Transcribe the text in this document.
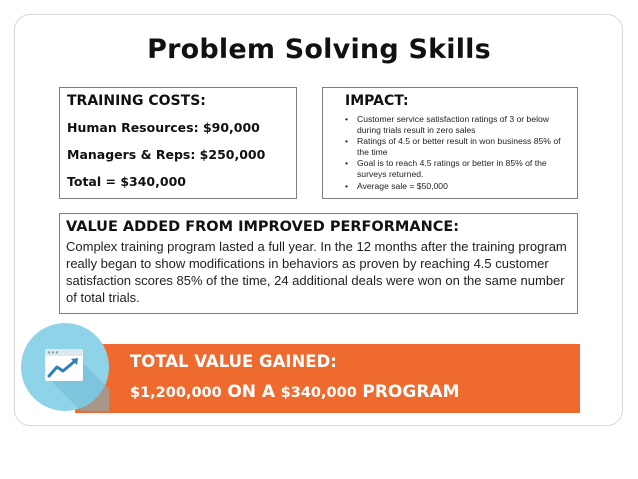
Problem Solving Skills
TRAINING COSTS:
Human Resources: $90,000
Managers & Reps: $250,000
Total = $340,000
IMPACT:
• Customer service satisfaction ratings of 3 or below during trials result in zero sales
• Ratings of 4.5 or better result in won business 85% of the time
• Goal is to reach 4.5 ratings or better in 85% of the surveys returned.
• Average sale = $50,000
VALUE ADDED FROM IMPROVED PERFORMANCE:

Complex training program lasted a full year. In the 12 months after the training program really began to show modifications in behaviors as proven by reaching 4.5 customer satisfaction scores 85% of the time, 24 additional deals were won on the same number of total trials.

TOTAL VALUE GAINED:
$1,200,000 ON A $340,000 PROGRAM
